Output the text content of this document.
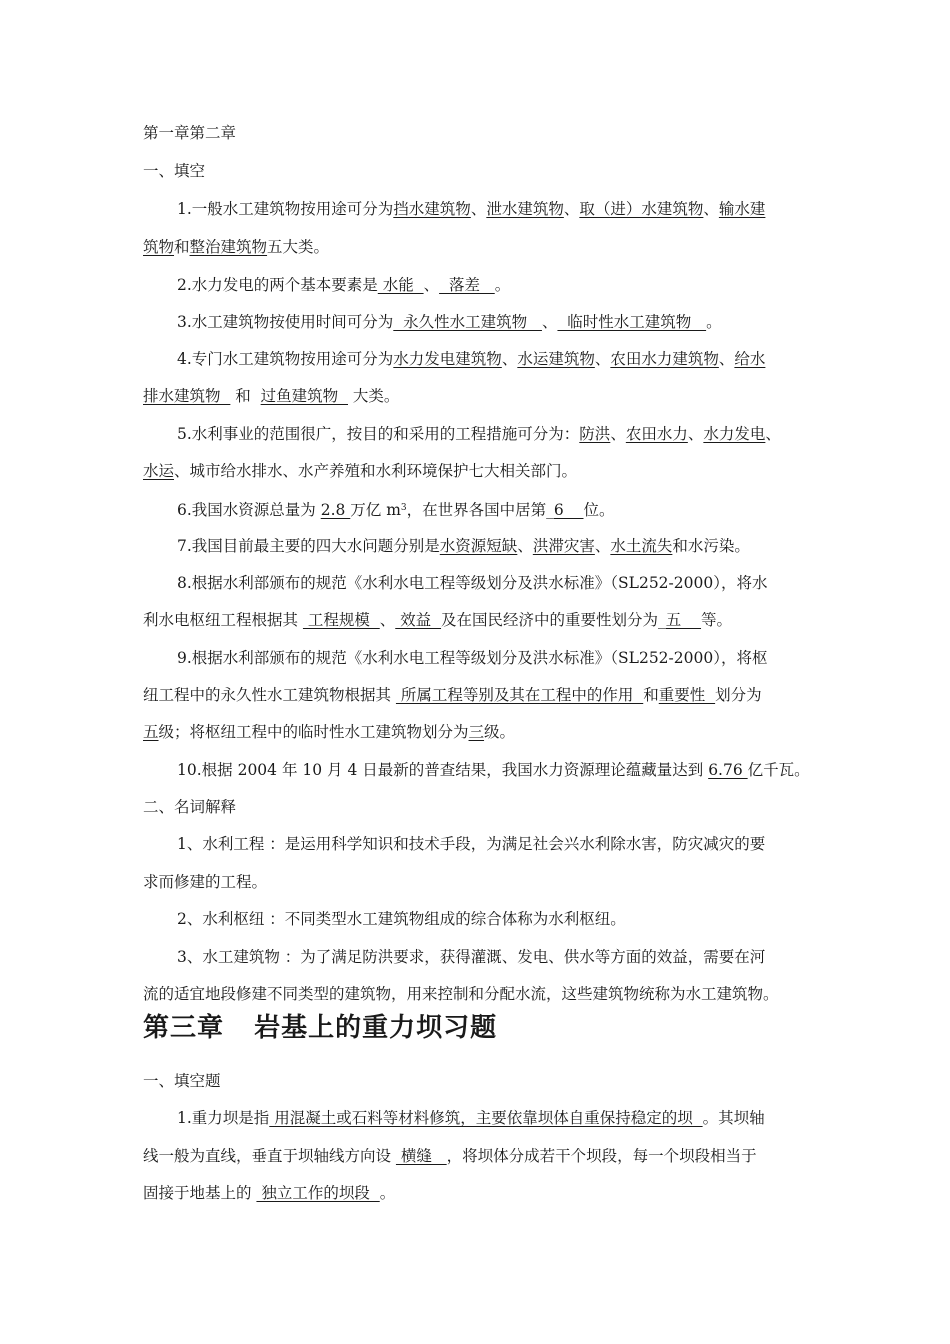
第一章第二章
一、填空
1.一般水工建筑物按用途可分为挡水建筑物、泄水建筑物、取（进）水建筑物、输水建
筑物和整治建筑物五大类。
2.水力发电的两个基本要素是 水能  、  落差   。
3.水工建筑物按使用时间可分为  永久性水工建筑物   、  临时性水工建筑物   。
4.专门水工建筑物按用途可分为水力发电建筑物、水运建筑物、农田水力建筑物、给水
排水建筑物   和  过鱼建筑物   大类。
5.水利事业的范围很广，按目的和采用的工程措施可分为：防洪、农田水力、水力发电、
水运、城市给水排水、水产养殖和水利环境保护七大相关部门。
6.我国水资源总量为 2.8 万亿 $m^3$，在世界各国中居第_6    位。
7.我国目前最主要的四大水问题分别是水资源短缺、洪滞灾害、水土流失和水污染。
8.根据水利部颁布的规范《水利水电工程等级划分及洪水标准》（SL252-2000），将水
利水电枢纽工程根据其  工程规模  、 效益  及在国民经济中的重要性划分为_五    等。
9.根据水利部颁布的规范《水利水电工程等级划分及洪水标准》（SL252-2000），将枢
纽工程中的永久性水工建筑物根据其  所属工程等别及其在工程中的作用  和重要性  划分为
五级；将枢纽工程中的临时性水工建筑物划分为三级。
10.根据 2004 年 10 月 4 日最新的普查结果，我国水力资源理论蕴藏量达到 6.76 亿千瓦。
二、名词解释
1、水利工程 ：是运用科学知识和技术手段，为满足社会兴水利除水害，防灾减灾的要
求而修建的工程。
2、水利枢纽 ：不同类型水工建筑物组成的综合体称为水利枢纽。
3、水工建筑物 ：为了满足防洪要求，获得灌溉、发电、供水等方面的效益，需要在河
流的适宜地段修建不同类型的建筑物，用来控制和分配水流，这些建筑物统称为水工建筑物。
第三章   岩基上的重力坝习题
一、填空题
1.重力坝是指 用混凝土或石料等材料修筑，主要依靠坝体自重保持稳定的坝  。其坝轴
线一般为直线，垂直于坝轴线方向设  横缝   ，将坝体分成若干个坝段，每一个坝段相当于
固接于地基上的  独立工作的坝段  。
